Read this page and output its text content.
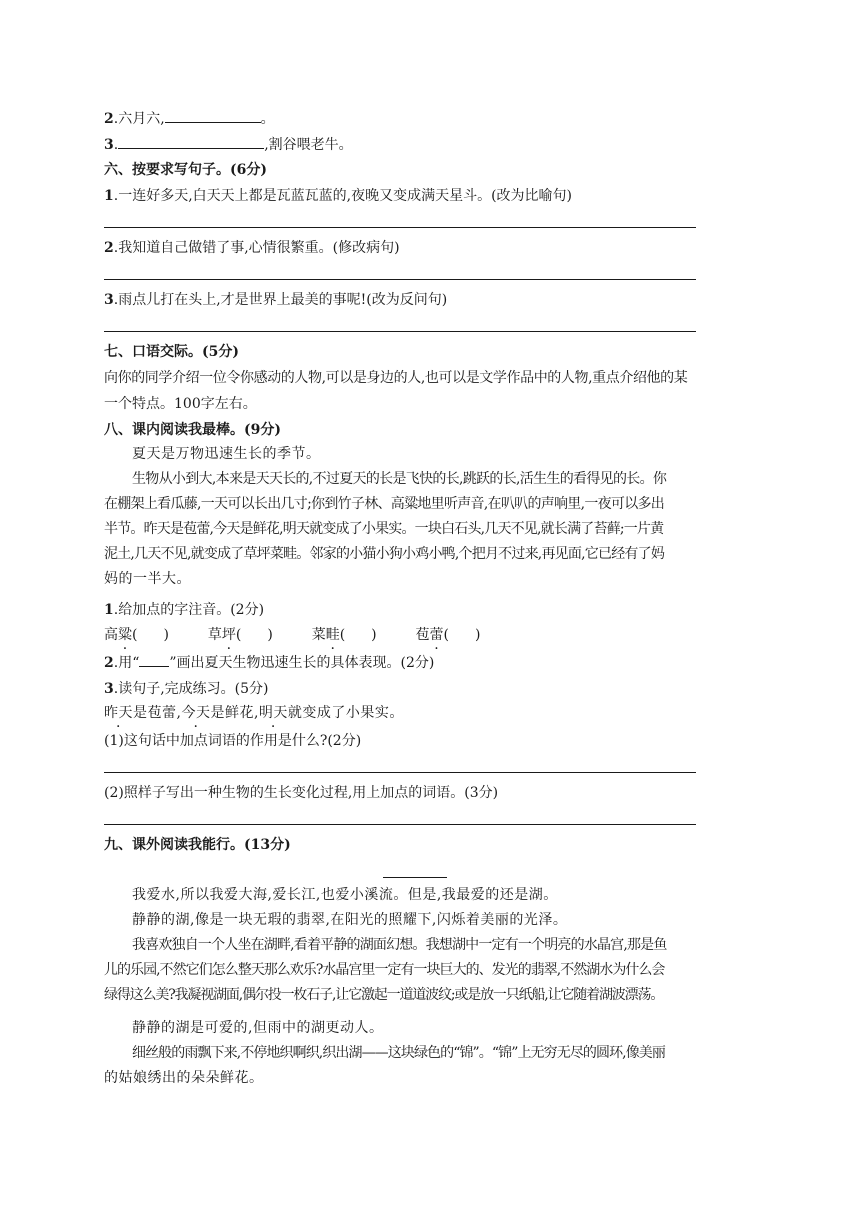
2.六月六,	。
3.	,割谷喂老牛。
六、按要求写句子。(6分)
1.一连好多天,白天天上都是瓦蓝瓦蓝的,夜晚又变成满天星斗。(改为比喻句)
2.我知道自己做错了事,心情很繁重。(修改病句)
3.雨点儿打在头上,才是世界上最美的事呢!(改为反问句)
七、口语交际。(5分)
向你的同学介绍一位令你感动的人物,可以是身边的人,也可以是文学作品中的人物,重点介绍他的某
一个特点。100字左右。
八、课内阅读我最棒。(9分)
夏天是万物迅速生长的季节。
生物从小到大,本来是天天长的,不过夏天的长是飞快的长,跳跃的长,活生生的看得见的长。你
在棚架上看瓜藤,一天可以长出几寸;你到竹子林、高粱地里听声音,在叭叭的声响里,一夜可以多出
半节。昨天是苞蕾,今天是鲜花,明天就变成了小果实。一块白石头,几天不见,就长满了苔藓;一片黄
泥土,几天不见,就变成了草坪菜畦。邻家的小猫小狗小鸡小鸭,个把月不过来,再见面,它已经有了妈
妈的一半大。
1.给加点的字注音。(2分)
高粱( )	草坪( )	菜畦( )	苞蕾( )
2.用“ ”画出夏天生物迅速生长的具体表现。(2分)
3.读句子,完成练习。(5分)
昨天是苞蕾,今天是鲜花,明天就变成了小果实。
(1)这句话中加点词语的作用是什么?(2分)
(2)照样子写出一种生物的生长变化过程,用上加点的词语。(3分)
九、课外阅读我能行。(13分)
我爱水,所以我爱大海,爱长江,也爱小溪流。但是,我最爱的还是湖。
静静的湖,像是一块无瑕的翡翠,在阳光的照耀下,闪烁着美丽的光泽。
我喜欢独自一个人坐在湖畔,看着平静的湖面幻想。我想湖中一定有一个明亮的水晶宫,那是鱼
儿的乐园,不然它们怎么整天那么欢乐?水晶宫里一定有一块巨大的、发光的翡翠,不然湖水为什么会
绿得这么美?我凝视湖面,偶尔投一枚石子,让它激起一道道波纹;或是放一只纸船,让它随着湖波漂荡。
静静的湖是可爱的,但雨中的湖更动人。
细丝般的雨飘下来,不停地织啊织,织出湖——这块绿色的“锦”。“锦”上无穷无尽的圆环,像美丽
的姑娘绣出的朵朵鲜花。
